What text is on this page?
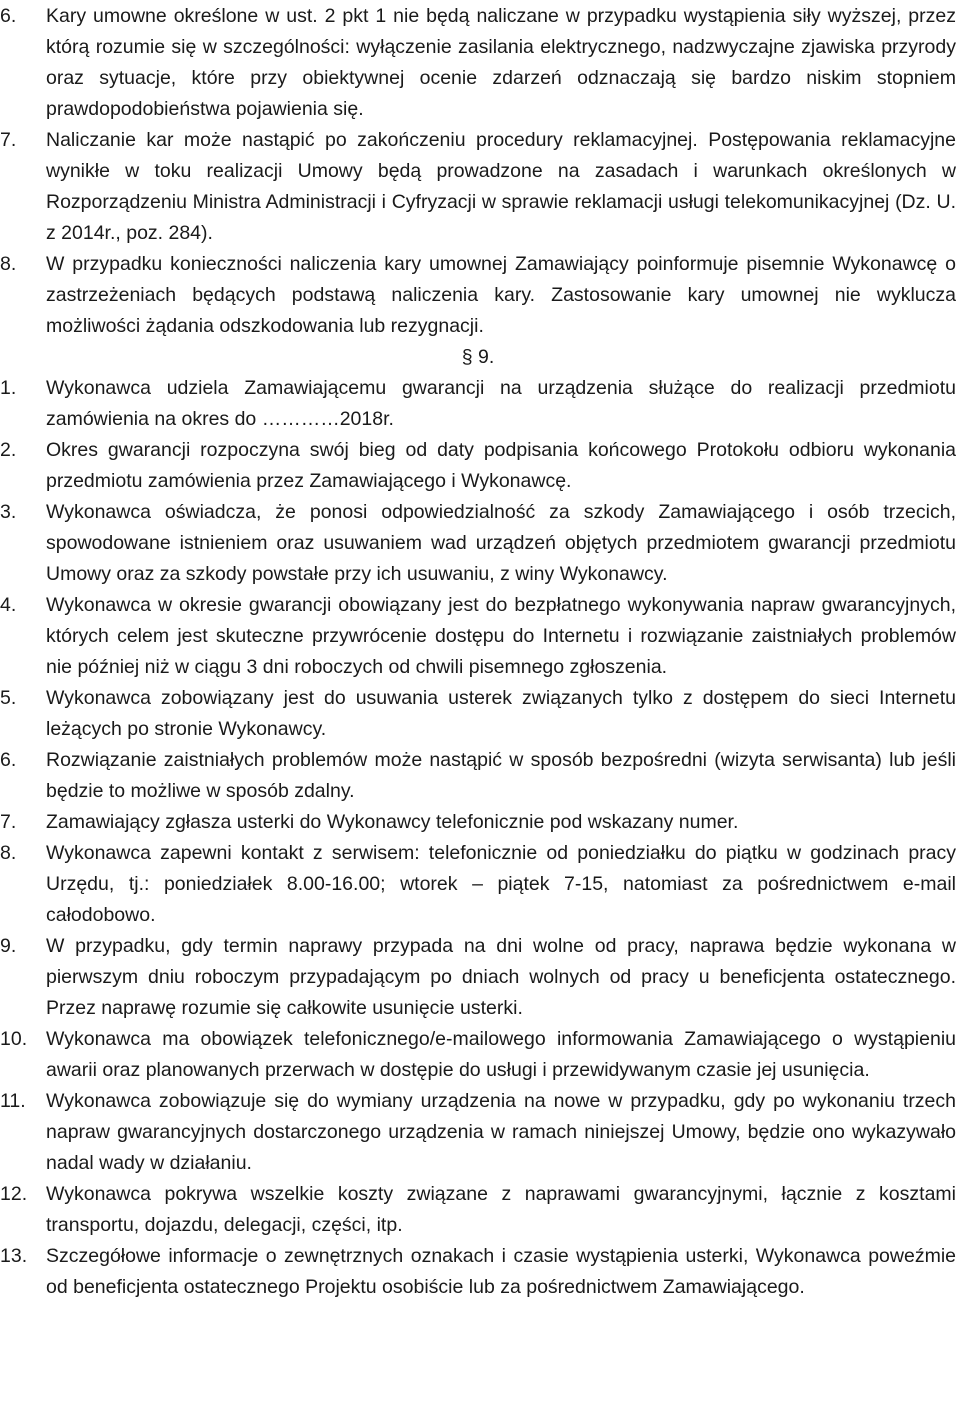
6.	Kary umowne określone w ust. 2 pkt 1 nie będą naliczane w przypadku wystąpienia siły wyższej, przez którą rozumie się w szczególności: wyłączenie zasilania elektrycznego, nadzwyczajne zjawiska przyrody oraz sytuacje, które przy obiektywnej ocenie zdarzeń odznaczają się bardzo niskim stopniem prawdopodobieństwa pojawienia się.
7.	Naliczanie kar może nastąpić po zakończeniu procedury reklamacyjnej. Postępowania reklamacyjne wynikłe w toku realizacji Umowy będą prowadzone na zasadach i warunkach określonych w Rozporządzeniu Ministra Administracji i Cyfryzacji w sprawie reklamacji usługi telekomunikacyjnej (Dz. U. z 2014r., poz. 284).
8.	W przypadku konieczności naliczenia kary umownej Zamawiający poinformuje pisemnie Wykonawcę o zastrzeżeniach będących podstawą naliczenia kary. Zastosowanie kary umownej nie wyklucza możliwości żądania odszkodowania lub rezygnacji.
§ 9.
1.	Wykonawca udziela Zamawiającemu gwarancji na urządzenia służące do realizacji przedmiotu zamówienia na okres do …………2018r.
2.	Okres gwarancji rozpoczyna swój bieg od daty podpisania końcowego Protokołu odbioru wykonania przedmiotu zamówienia przez Zamawiającego i Wykonawcę.
3.	Wykonawca oświadcza, że ponosi odpowiedzialność za szkody Zamawiającego i osób trzecich, spowodowane istnieniem oraz usuwaniem wad urządzeń objętych przedmiotem gwarancji przedmiotu Umowy oraz za szkody powstałe przy ich usuwaniu, z winy Wykonawcy.
4.	Wykonawca w okresie gwarancji obowiązany jest do bezpłatnego wykonywania napraw gwarancyjnych, których celem jest skuteczne przywrócenie dostępu do Internetu i rozwiązanie zaistniałych problemów nie później niż w ciągu 3 dni roboczych od chwili pisemnego zgłoszenia.
5.	Wykonawca zobowiązany jest do usuwania usterek związanych tylko z dostępem do sieci Internetu leżących po stronie Wykonawcy.
6.	Rozwiązanie zaistniałych problemów może nastąpić w sposób bezpośredni (wizyta serwisanta) lub jeśli będzie to możliwe w sposób zdalny.
7.	Zamawiający zgłasza usterki do Wykonawcy telefonicznie pod wskazany numer.
8.	Wykonawca zapewni kontakt z serwisem: telefonicznie od poniedziałku do piątku w godzinach pracy Urzędu, tj.: poniedziałek 8.00-16.00; wtorek – piątek 7-15, natomiast za pośrednictwem e-mail całodobowo.
9.	W przypadku, gdy termin naprawy przypada na dni wolne od pracy, naprawa będzie wykonana w pierwszym dniu roboczym przypadającym po dniach wolnych od pracy u beneficjenta ostatecznego. Przez naprawę rozumie się całkowite usunięcie usterki.
10. Wykonawca ma obowiązek telefonicznego/e-mailowego informowania Zamawiającego o wystąpieniu awarii oraz planowanych przerwach w dostępie do usługi i przewidywanym czasie jej usunięcia.
11.	Wykonawca zobowiązuje się do wymiany urządzenia na nowe w przypadku, gdy po wykonaniu trzech napraw gwarancyjnych dostarczonego urządzenia w ramach niniejszej Umowy, będzie ono wykazywało nadal wady w działaniu.
12. Wykonawca pokrywa wszelkie koszty związane z naprawami gwarancyjnymi, łącznie z kosztami transportu, dojazdu, delegacji, części, itp.
13. Szczegółowe informacje o zewnętrznych oznakach i czasie wystąpienia usterki, Wykonawca poweźmie od beneficjenta ostatecznego Projektu osobiście lub za pośrednictwem Zamawiającego.
